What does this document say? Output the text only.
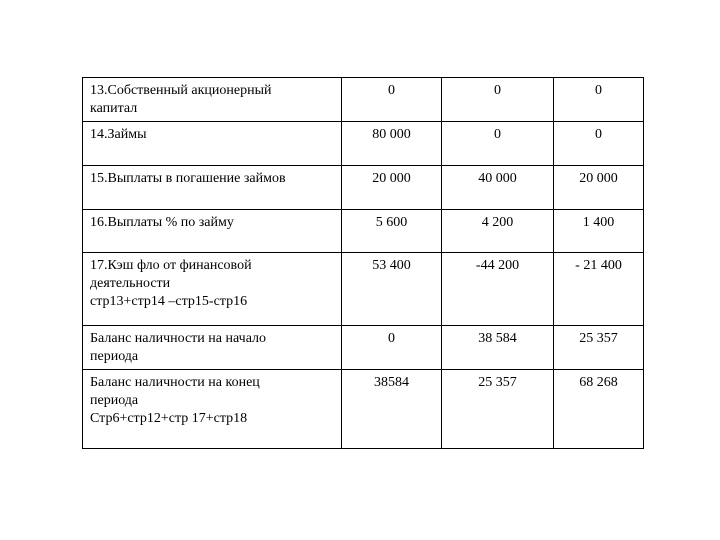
13.Собственный акционерный
капитал	0	0	0

14.Займы	80 000	0	0

15.Выплаты в погашение займов	20 000	40 000	20 000

16.Выплаты % по займу	5 600	4 200	1 400

17.Кэш фло от финансовой
деятельности
стр13+стр14 –стр15-стр16	53 400	-44 200	- 21 400

Баланс наличности на начало
периода	0	38 584	25 357

Баланс наличности на конец
периода
Стр6+стр12+стр 17+стр18	38584	25 357	68 268
